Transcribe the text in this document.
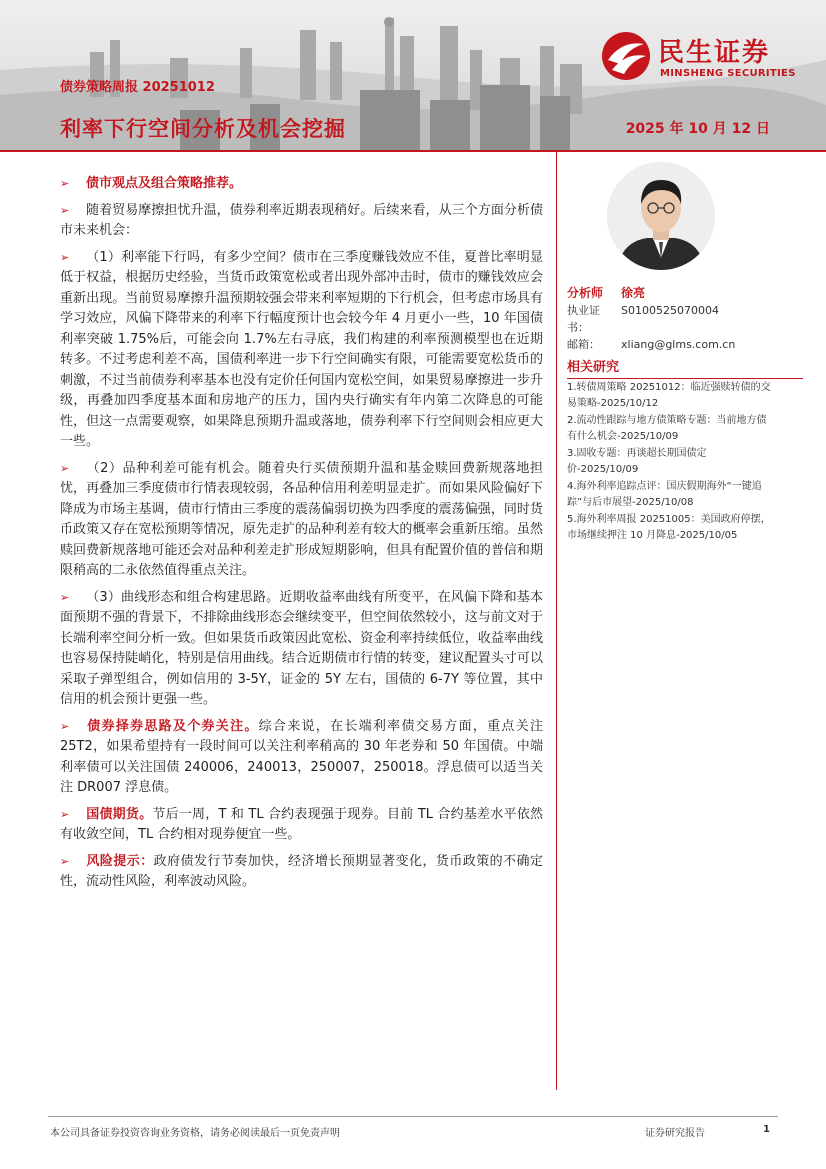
债券策略周报 20251012
利率下行空间分析及机会挖掘	2025 年 10 月 12 日
民生证券
MINSHENG SECURITIES
➢ 债市观点及组合策略推荐。
➢ 随着贸易摩擦担忧升温，债券利率近期表现稍好。后续来看，从三个方面分析债市未来机会：
➢ （1）利率能下行吗，有多少空间？债市在三季度赚钱效应不佳，夏普比率明显低于权益，根据历史经验，当货币政策宽松或者出现外部冲击时，债市的赚钱效应会重新出现。当前贸易摩擦升温预期较强会带来利率短期的下行机会，但考虑市场具有学习效应，风偏下降带来的利率下行幅度预计也会较今年 4 月更小一些，10 年国债利率突破 1.75%后，可能会向 1.7%左右寻底，我们构建的利率预测模型也在近期转多。不过考虑利差不高，国债利率进一步下行空间确实有限，可能需要宽松货币的刺激，不过当前债券利率基本也没有定价任何国内宽松空间，如果贸易摩擦进一步升级，再叠加四季度基本面和房地产的压力，国内央行确实有年内第二次降息的可能性，但这一点需要观察，如果降息预期升温或落地，债券利率下行空间则会相应更大一些。
➢ （2）品种利差可能有机会。随着央行买债预期升温和基金赎回费新规落地担忧，再叠加三季度债市行情表现较弱，各品种信用利差明显走扩。而如果风险偏好下降成为市场主基调，债市行情由三季度的震荡偏弱切换为四季度的震荡偏强，同时货币政策又存在宽松预期等情况，原先走扩的品种利差有较大的概率会重新压缩。虽然赎回费新规落地可能还会对品种利差走扩形成短期影响，但具有配置价值的普信和期限稍高的二永依然值得重点关注。
➢ （3）曲线形态和组合构建思路。近期收益率曲线有所变平，在风偏下降和基本面预期不强的背景下，不排除曲线形态会继续变平，但空间依然较小，这与前文对于长端利率空间分析一致。但如果货币政策因此宽松、资金利率持续低位，收益率曲线也容易保持陡峭化，特别是信用曲线。结合近期债市行情的转变，建议配置头寸可以采取子弹型组合，例如信用的 3-5Y，证金的 5Y 左右，国债的 6-7Y 等位置，其中信用的机会预计更强一些。
➢ 债券择券思路及个券关注。综合来说，在长端利率债交易方面，重点关注 25T2，如果希望持有一段时间可以关注利率稍高的 30 年老券和 50 年国债。中端利率债可以关注国债 240006，240013，250007，250018。浮息债可以适当关注 DR007 浮息债。
➢ 国债期货。节后一周，T 和 TL 合约表现强于现券。目前 TL 合约基差水平依然有收敛空间，TL 合约相对现券便宜一些。
➢ 风险提示：政府债发行节奏加快，经济增长预期显著变化，货币政策的不确定性，流动性风险，利率波动风险。
分析师	徐亮
执业证书：
S0100525070004
邮箱：	xliang@glms.com.cn
相关研究
1.转债周策略 20251012：临近强赎转债的交易策略-2025/10/12
2.流动性跟踪与地方债策略专题：当前地方债有什么机会-2025/10/09
3.固收专题：再谈超长期国债定价-2025/10/09
4.海外利率追踪点评：国庆假期海外“一键追踪”与后市展望-2025/10/08
5.海外利率周报 20251005：美国政府停摆，市场继续押注 10 月降息-2025/10/05
本公司具备证券投资咨询业务资格，请务必阅读最后一页免责声明	证券研究报告	1
